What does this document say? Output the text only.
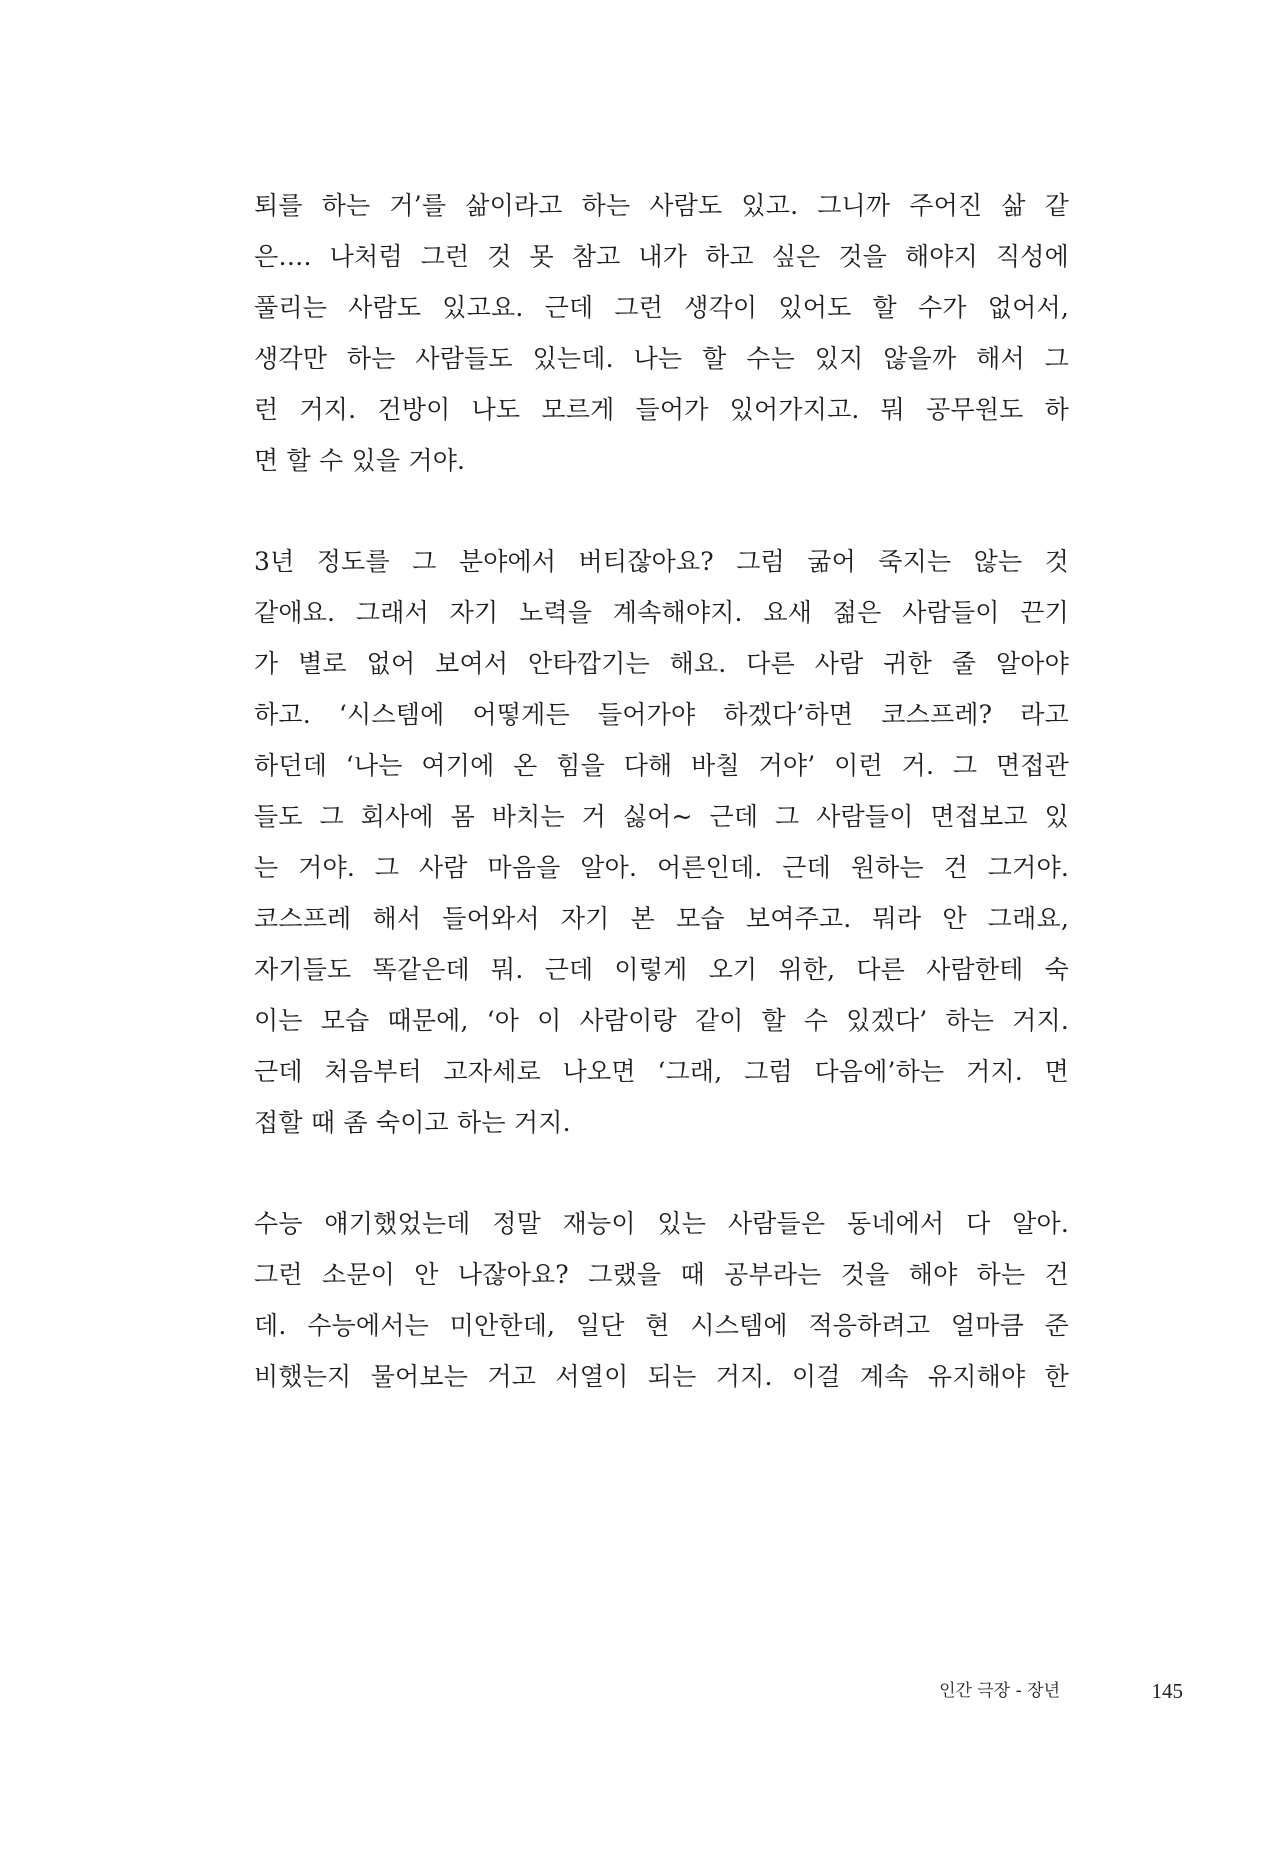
퇴를 하는 거’를 삶이라고 하는 사람도 있고. 그니까 주어진 삶 같
은…. 나처럼 그런 것 못 참고 내가 하고 싶은 것을 해야지 직성에
풀리는 사람도 있고요. 근데 그런 생각이 있어도 할 수가 없어서,
생각만 하는 사람들도 있는데. 나는 할 수는 있지 않을까 해서 그
런 거지. 건방이 나도 모르게 들어가 있어가지고. 뭐 공무원도 하
면 할 수 있을 거야.

3년 정도를 그 분야에서 버티잖아요? 그럼 굶어 죽지는 않는 것
같애요. 그래서 자기 노력을 계속해야지. 요새 젊은 사람들이 끈기
가 별로 없어 보여서 안타깝기는 해요. 다른 사람 귀한 줄 알아야
하고. ‘시스템에 어떻게든 들어가야 하겠다’하면 코스프레? 라고
하던데 ‘나는 여기에 온 힘을 다해 바칠 거야’ 이런 거. 그 면접관
들도 그 회사에 몸 바치는 거 싫어~ 근데 그 사람들이 면접보고 있
는 거야. 그 사람 마음을 알아. 어른인데. 근데 원하는 건 그거야.
코스프레 해서 들어와서 자기 본 모습 보여주고. 뭐라 안 그래요,
자기들도 똑같은데 뭐. 근데 이렇게 오기 위한, 다른 사람한테 숙
이는 모습 때문에, ‘아 이 사람이랑 같이 할 수 있겠다’ 하는 거지.
근데 처음부터 고자세로 나오면 ‘그래, 그럼 다음에’하는 거지. 면
접할 때 좀 숙이고 하는 거지.

수능 얘기했었는데 정말 재능이 있는 사람들은 동네에서 다 알아.
그런 소문이 안 나잖아요? 그랬을 때 공부라는 것을 해야 하는 건
데. 수능에서는 미안한데, 일단 현 시스템에 적응하려고 얼마큼 준
비했는지 물어보는 거고 서열이 되는 거지. 이걸 계속 유지해야 한

인간 극장 - 장년	145
